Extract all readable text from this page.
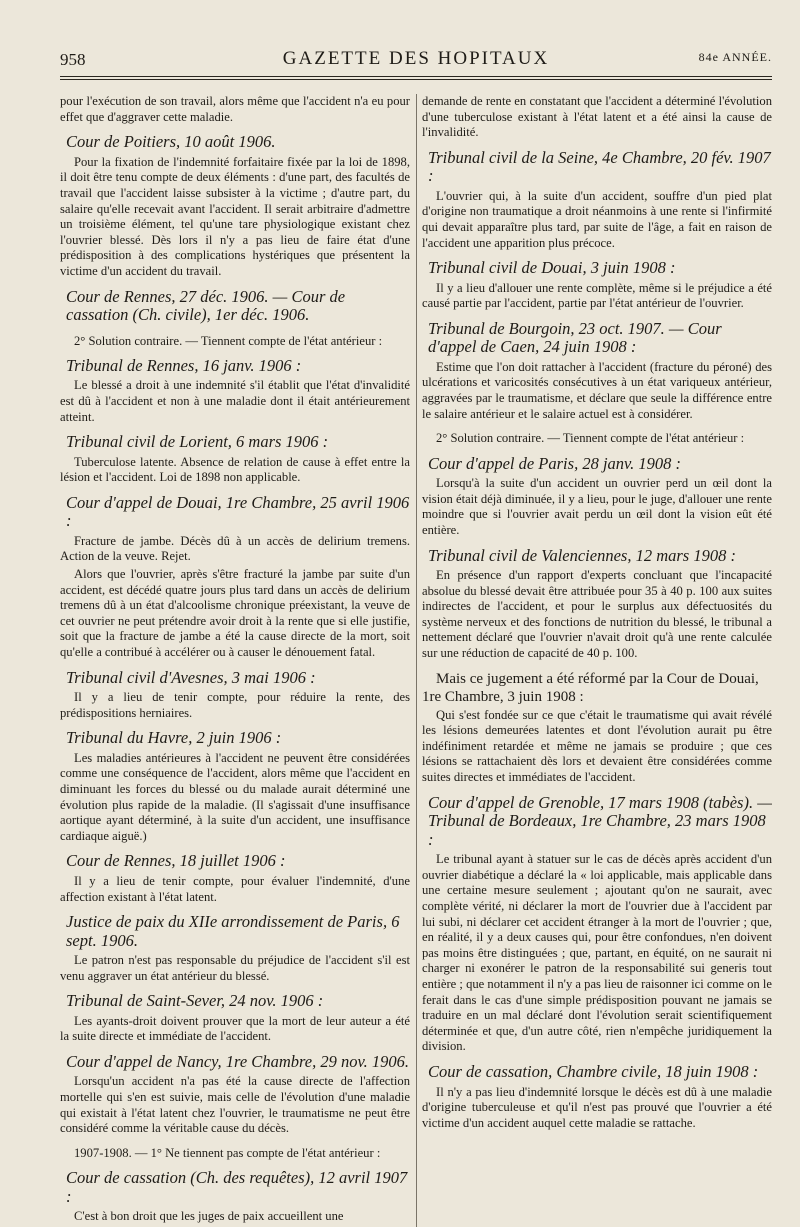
958	GAZETTE DES HOPITAUX	84e ANNÉE.

pour l'exécution de son travail, alors même que l'accident n'a eu pour effet que d'aggraver cette maladie.

Cour de Poitiers, 10 août 1906.

Pour la fixation de l'indemnité forfaitaire fixée par la loi de 1898, il doit être tenu compte de deux éléments : d'une part, des facultés de travail que l'accident laisse subsister à la victime ; d'autre part, du salaire qu'elle recevait avant l'accident. Il serait arbitraire d'admettre un troisième élément, tel qu'une tare physiologique existant chez l'ouvrier blessé. Dès lors il n'y a pas lieu de faire état d'une prédisposition à des complications hystériques que présentent la victime d'un accident du travail.

Cour de Rennes, 27 déc. 1906. — Cour de cassation (Ch. civile), 1er déc. 1906.

2° Solution contraire. — Tiennent compte de l'état antérieur :

Tribunal de Rennes, 16 janv. 1906 :

Le blessé a droit à une indemnité s'il établit que l'état d'invalidité est dû à l'accident et non à une maladie dont il était antérieurement atteint.

Tribunal civil de Lorient, 6 mars 1906 :

Tuberculose latente. Absence de relation de cause à effet entre la lésion et l'accident. Loi de 1898 non applicable.

Cour d'appel de Douai, 1re Chambre, 25 avril 1906 :

Fracture de jambe. Décès dû à un accès de delirium tremens. Action de la veuve. Rejet.

Alors que l'ouvrier, après s'être fracturé la jambe par suite d'un accident, est décédé quatre jours plus tard dans un accès de delirium tremens dû à un état d'alcoolisme chronique préexistant, la veuve de cet ouvrier ne peut prétendre avoir droit à la rente que si elle justifie, soit que la fracture de jambe a été la cause directe de la mort, soit qu'elle a contribué à accélérer ou à causer le dénouement fatal.

Tribunal civil d'Avesnes, 3 mai 1906 :

Il y a lieu de tenir compte, pour réduire la rente, des prédispositions herniaires.

Tribunal du Havre, 2 juin 1906 :

Les maladies antérieures à l'accident ne peuvent être considérées comme une conséquence de l'accident, alors même que l'accident en diminuant les forces du blessé ou du malade aurait déterminé une évolution plus rapide de la maladie. (Il s'agissait d'une insuffisance aortique ayant déterminé, à la suite d'un accident, une insuffisance cardiaque aiguë.)

Cour de Rennes, 18 juillet 1906 :

Il y a lieu de tenir compte, pour évaluer l'indemnité, d'une affection existant à l'état latent.

Justice de paix du XIIe arrondissement de Paris, 6 sept. 1906.

Le patron n'est pas responsable du préjudice de l'accident s'il est venu aggraver un état antérieur du blessé.

Tribunal de Saint-Sever, 24 nov. 1906 :

Les ayants-droit doivent prouver que la mort de leur auteur a été la suite directe et immédiate de l'accident.

Cour d'appel de Nancy, 1re Chambre, 29 nov. 1906.

Lorsqu'un accident n'a pas été la cause directe de l'affection mortelle qui s'en est suivie, mais celle de l'évolution d'une maladie qui existait à l'état latent chez l'ouvrier, le traumatisme ne peut être considéré comme la véritable cause du décès.

1907-1908. — 1° Ne tiennent pas compte de l'état antérieur :

Cour de cassation (Ch. des requêtes), 12 avril 1907 :

C'est à bon droit que les juges de paix accueillent une

demande de rente en constatant que l'accident a déterminé l'évolution d'une tuberculose existant à l'état latent et a été ainsi la cause de l'invalidité.

Tribunal civil de la Seine, 4e Chambre, 20 fév. 1907 :

L'ouvrier qui, à la suite d'un accident, souffre d'un pied plat d'origine non traumatique a droit néanmoins à une rente si l'infirmité qui devait apparaître plus tard, par suite de l'âge, a fait en raison de l'accident une apparition plus précoce.

Tribunal civil de Douai, 3 juin 1908 :

Il y a lieu d'allouer une rente complète, même si le préjudice a été causé partie par l'accident, partie par l'état antérieur de l'ouvrier.

Tribunal de Bourgoin, 23 oct. 1907. — Cour d'appel de Caen, 24 juin 1908 :

Estime que l'on doit rattacher à l'accident (fracture du péroné) des ulcérations et varicosités consécutives à un état variqueux antérieur, aggravées par le traumatisme, et déclare que seule la différence entre le salaire antérieur et le salaire actuel est à considérer.

2° Solution contraire. — Tiennent compte de l'état antérieur :

Cour d'appel de Paris, 28 janv. 1908 :

Lorsqu'à la suite d'un accident un ouvrier perd un œil dont la vision était déjà diminuée, il y a lieu, pour le juge, d'allouer une rente moindre que si l'ouvrier avait perdu un œil dont la vision eût été entière.

Tribunal civil de Valenciennes, 12 mars 1908 :

En présence d'un rapport d'experts concluant que l'incapacité absolue du blessé devait être attribuée pour 35 à 40 p. 100 aux suites indirectes de l'accident, et pour le surplus aux défectuosités du système nerveux et des fonctions de nutrition du blessé, le tribunal a nettement déclaré que l'ouvrier n'avait droit qu'à une rente calculée sur une réduction de capacité de 40 p. 100.

Mais ce jugement a été réformé par la Cour de Douai, 1re Chambre, 3 juin 1908 :

Qui s'est fondée sur ce que c'était le traumatisme qui avait révélé les lésions demeurées latentes et dont l'évolution aurait pu être indéfiniment retardée et même ne jamais se produire ; que ces lésions se rattachaient dès lors et devaient être considérées comme suites directes et immédiates de l'accident.

Cour d'appel de Grenoble, 17 mars 1908 (tabès). — Tribunal de Bordeaux, 1re Chambre, 23 mars 1908 :

Le tribunal ayant à statuer sur le cas de décès après accident d'un ouvrier diabétique a déclaré la « loi applicable, mais applicable dans une certaine mesure seulement ; ajoutant qu'on ne saurait, avec complète vérité, ni déclarer la mort de l'ouvrier due à l'accident par lui subi, ni déclarer cet accident étranger à la mort de l'ouvrier ; que, en réalité, il y a deux causes qui, pour être confondues, n'en doivent pas moins être distinguées ; que, partant, en équité, on ne saurait ni charger ni exonérer le patron de la responsabilité sui generis tout entière ; que notamment il n'y a pas lieu de raisonner ici comme on le ferait dans le cas d'une simple prédisposition pouvant ne jamais se traduire en un mal déclaré dont l'évolution serait scientifiquement déterminée et que, d'un autre côté, rien n'empêche juridiquement la division.

Cour de cassation, Chambre civile, 18 juin 1908 :

Il n'y a pas lieu d'indemnité lorsque le décès est dû à une maladie d'origine tuberculeuse et qu'il n'est pas prouvé que l'ouvrier a été victime d'un accident auquel cette maladie se rattache.
